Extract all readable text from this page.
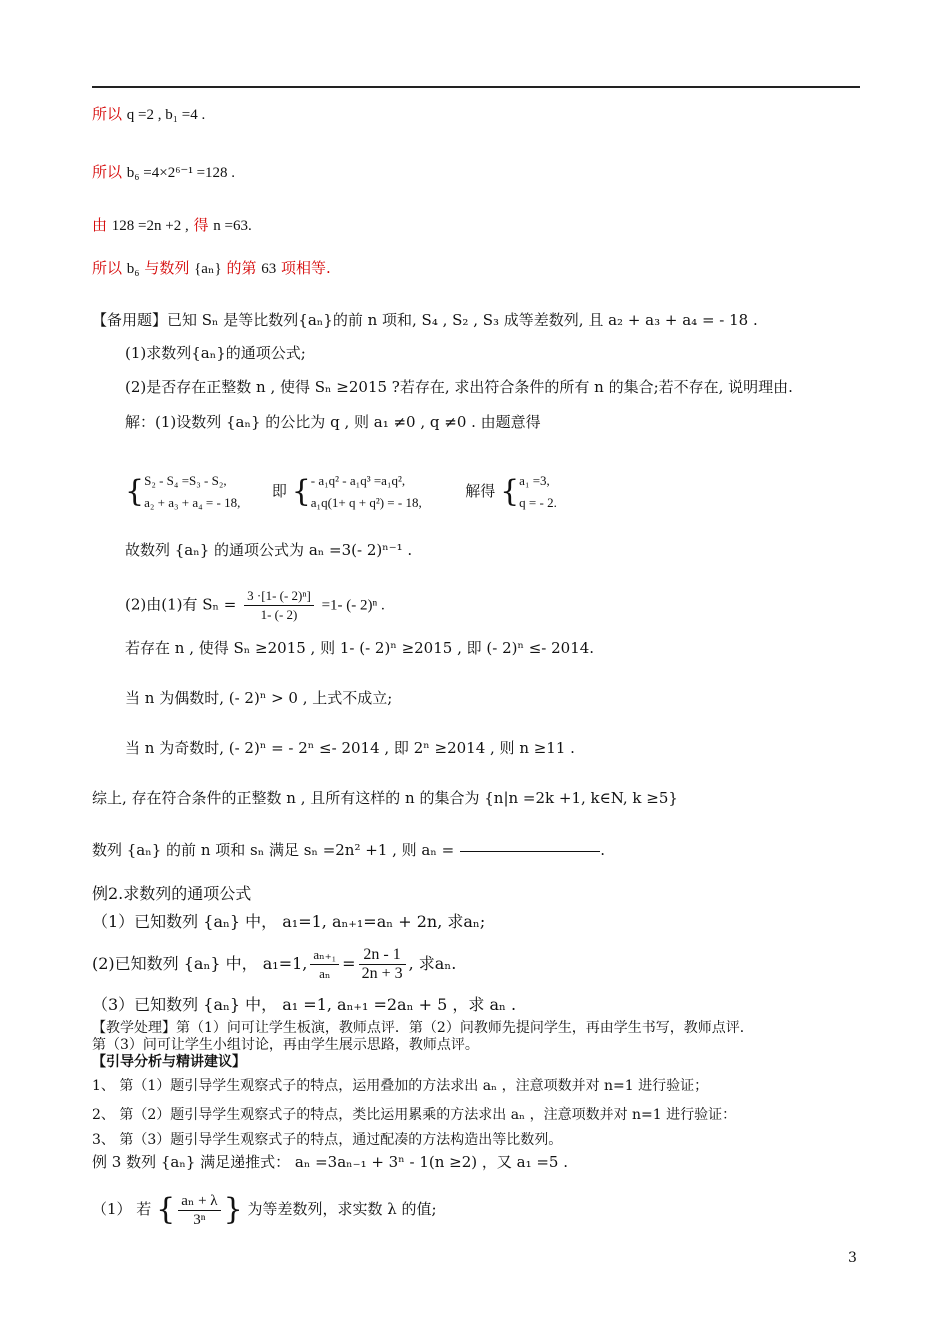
所以 q =2 , b₁ =4 .
所以 b₆ =4×2⁶⁻¹ =128 .
由 128 =2n +2 , 得 n =63.
所以 b₆ 与数列 {aₙ} 的第 63 项相等.
【备用题】已知 Sₙ 是等比数列{aₙ}的前 n 项和, S₄ , S₂ , S₃ 成等差数列, 且 a₂ + a₃ + a₄ = - 18 .
(1)求数列{aₙ}的通项公式;
(2)是否存在正整数 n , 使得 Sₙ ≥2015 ?若存在, 求出符合条件的所有 n 的集合;若不存在, 说明理由.
解：(1)设数列 {aₙ} 的公比为 q , 则 a₁ ≠0 , q ≠0 . 由题意得
{S₂ - S₄ =S₃ - S₂,
a₂ + a₃ + a₄ = - 18,  即 {- a₁q² - a₁q³ =a₁q²,
a₁q(1+ q + q²) = - 18,  解得 {a₁ =3,
q = - 2.
故数列 {aₙ} 的通项公式为 aₙ =3(- 2)ⁿ⁻¹ .
(2)由(1)有 $S_n = \frac{\text{3 ·[1- (- 2)ⁿ]}}{1- (- 2)} =1-$ (- 2)ⁿ .
若存在 n , 使得 Sₙ ≥2015 , 则 1- (- 2)ⁿ ≥2015 , 即 (- 2)ⁿ ≤- 2014.
当 n 为偶数时, (- 2)ⁿ > 0 , 上式不成立;
当 n 为奇数时, (- 2)ⁿ = - 2ⁿ ≤- 2014 , 即 2ⁿ ≥2014 , 则 n ≥11 .
综上, 存在符合条件的正整数 n , 且所有这样的 n 的集合为 {n|n =2k +1, k∈N, k ≥5}
数列 {aₙ} 的前 n 项和 sₙ 满足 sₙ =2n² +1 , 则 aₙ =	.
例2.求数列的通项公式
（1）已知数列 {aₙ} 中， a₁=1, aₙ₊₁=aₙ + 2n, 求aₙ;
(2)已知数列 {aₙ} 中， a₁=1, $\frac{\text{aₙ₊₁}}{\text{aₙ}} = \frac{2n - 1}{2n + 3}$ , 求aₙ.
（3）已知数列 {aₙ} 中， a₁ =1, aₙ₊₁ =2aₙ + 5 ，求 aₙ .
【教学处理】第（1）问可让学生板演，教师点评．第（2）问教师先提问学生，再由学生书写，教师点评．
第（3）问可让学生小组讨论，再由学生展示思路，教师点评。
【引导分析与精讲建议】
1、 第（1）题引导学生观察式子的特点，运用叠加的方法求出 aₙ ，注意项数并对 n=1 进行验证；
2、 第（2）题引导学生观察式子的特点，类比运用累乘的方法求出 aₙ ，注意项数并对 n=1 进行验证：
3、 第（3）题引导学生观察式子的特点，通过配凑的方法构造出等比数列。
例 3 数列 {aₙ} 满足递推式： aₙ =3aₙ₋₁ + 3ⁿ - 1(n ≥2) ，又 a₁ =5 .
（1） 若 { $\frac{\text{aₙ + λ}}{\text{3ⁿ}}$ } 为等差数列，求实数 λ 的值;
3
